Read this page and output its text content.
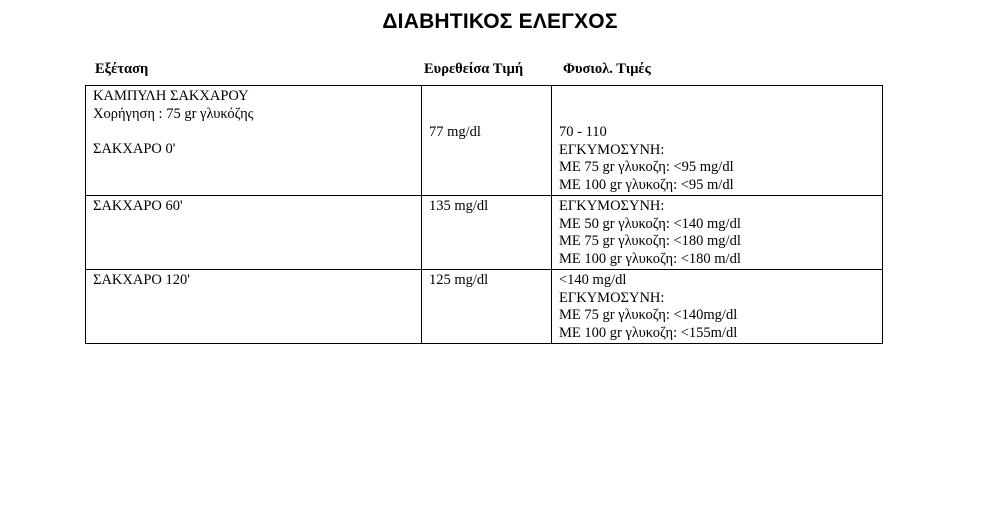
ΔΙΑΒΗΤΙΚΟΣ ΕΛΕΓΧΟΣ
Εξέταση	Ευρεθείσα Τιμή	Φυσιολ. Τιμές
ΚΑΜΠΥΛΗ ΣΑΚΧΑΡΟΥ
Χορήγηση : 75 gr γλυκόζης
ΣΑΚΧΑΡΟ 0'	77 mg/dl	70 - 110
ΕΓΚΥΜΟΣΥΝΗ:
ΜΕ 75 gr γλυκοζη: <95 mg/dl
ΜΕ 100 gr γλυκοζη: <95 m/dl

ΣΑΚΧΑΡΟ 60'	135 mg/dl	ΕΓΚΥΜΟΣΥΝΗ:
ΜΕ 50 gr γλυκοζη: <140 mg/dl
ΜΕ 75 gr γλυκοζη: <180 mg/dl
ΜΕ 100 gr γλυκοζη: <180 m/dl

ΣΑΚΧΑΡΟ 120'	125 mg/dl	<140 mg/dl
ΕΓΚΥΜΟΣΥΝΗ:
ΜΕ 75 gr γλυκοζη: <140mg/dl
ΜΕ 100 gr γλυκοζη: <155m/dl
